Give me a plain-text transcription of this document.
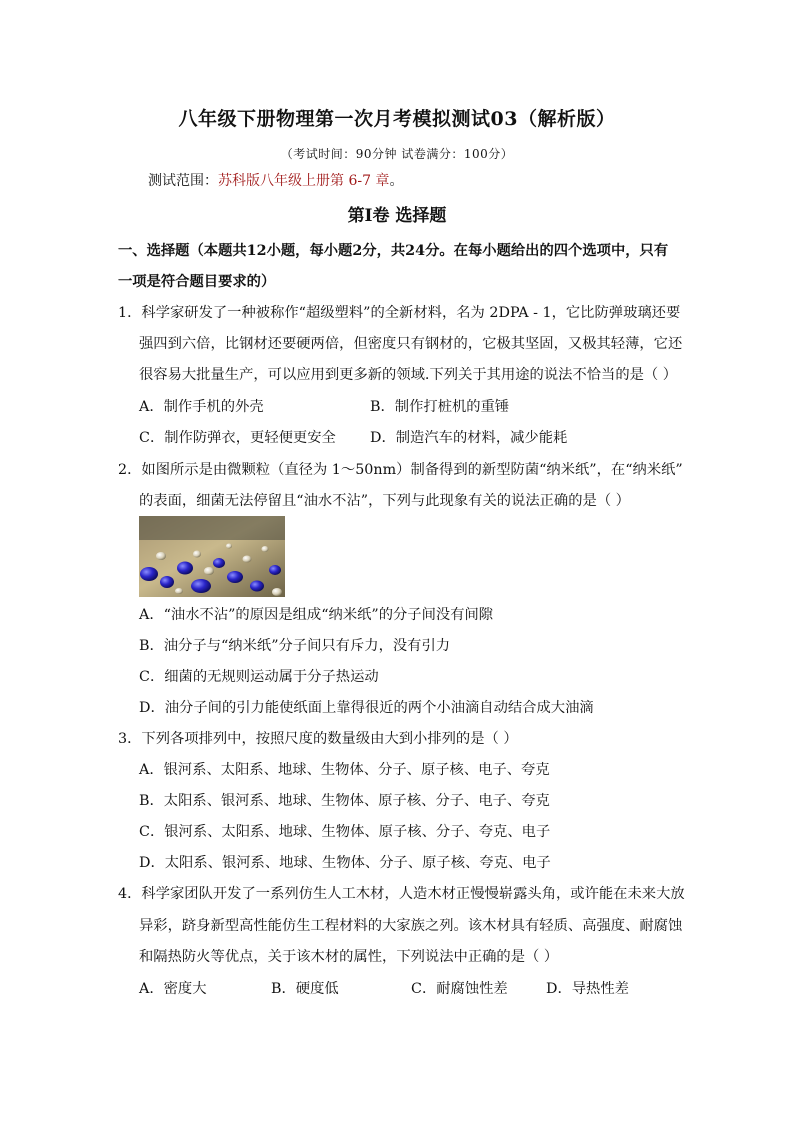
八年级下册物理第一次月考模拟测试03（解析版）
（考试时间：90分钟 试卷满分：100分）
测试范围：苏科版八年级上册第 6-7 章。
第Ⅰ卷 选择题
一、选择题（本题共12小题，每小题2分，共24分。在每小题给出的四个选项中，只有
一项是符合题目要求的）
1．科学家研发了一种被称作“超级塑料”的全新材料，名为 2DPA - 1，它比防弹玻璃还要
强四到六倍，比钢材还要硬两倍，但密度只有钢材的，它极其坚固，又极其轻薄，它还
很容易大批量生产，可以应用到更多新的领域.下列关于其用途的说法不恰当的是（ ）
A．制作手机的外壳	B．制作打桩机的重锤
C．制作防弹衣，更轻便更安全 D．制造汽车的材料，减少能耗
2．如图所示是由微颗粒（直径为 1～50nm）制备得到的新型防菌“纳米纸”，在“纳米纸”
的表面，细菌无法停留且“油水不沾”，下列与此现象有关的说法正确的是（ ）
A．“油水不沾”的原因是组成“纳米纸”的分子间没有间隙
B．油分子与“纳米纸”分子间只有斥力，没有引力
C．细菌的无规则运动属于分子热运动
D．油分子间的引力能使纸面上靠得很近的两个小油滴自动结合成大油滴
3．下列各项排列中，按照尺度的数量级由大到小排列的是（ ）
A．银河系、太阳系、地球、生物体、分子、原子核、电子、夸克
B．太阳系、银河系、地球、生物体、原子核、分子、电子、夸克
C．银河系、太阳系、地球、生物体、原子核、分子、夸克、电子
D．太阳系、银河系、地球、生物体、分子、原子核、夸克、电子
4．科学家团队开发了一系列仿生人工木材，人造木材正慢慢崭露头角，或许能在未来大放
异彩，跻身新型高性能仿生工程材料的大家族之列。该木材具有轻质、高强度、耐腐蚀
和隔热防火等优点，关于该木材的属性，下列说法中正确的是（ ）
A．密度大	B．硬度低	C．耐腐蚀性差	D．导热性差
